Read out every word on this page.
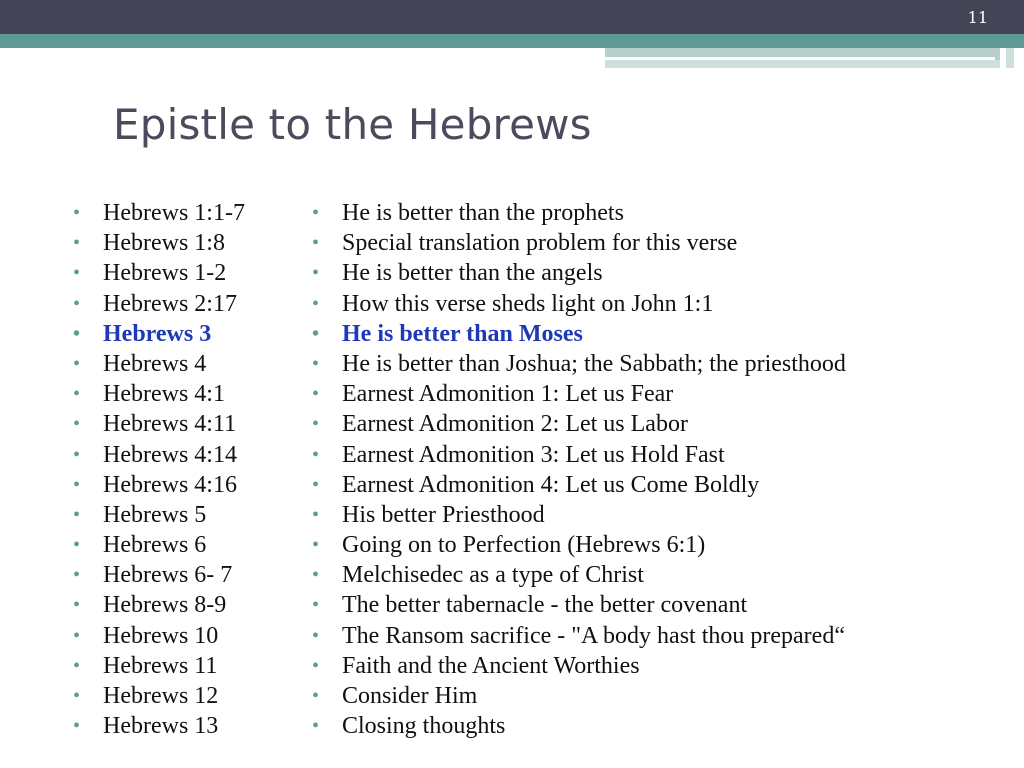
11
Epistle to the Hebrews
• Hebrews 1:1-7
• Hebrews 1:8
• Hebrews 1-2
• Hebrews 2:17
• Hebrews 3
• Hebrews 4
• Hebrews 4:1
• Hebrews 4:11
• Hebrews 4:14
• Hebrews 4:16
• Hebrews 5
• Hebrews 6
• Hebrews 6- 7
• Hebrews 8-9
• Hebrews 10
• Hebrews 11
• Hebrews 12
• Hebrews 13
• He is better than the prophets
• Special translation problem for this verse
• He is better than the angels
• How this verse sheds light on John 1:1
• He is better than Moses
• He is better than Joshua; the Sabbath; the priesthood
• Earnest Admonition 1: Let us Fear
• Earnest Admonition 2: Let us Labor
• Earnest Admonition 3: Let us Hold Fast
• Earnest Admonition 4: Let us Come Boldly
• His better Priesthood
• Going on to Perfection (Hebrews 6:1)
• Melchisedec as a type of Christ
• The better tabernacle - the better covenant
• The Ransom sacrifice - "A body hast thou prepared“
• Faith and the Ancient Worthies
• Consider Him
• Closing thoughts
